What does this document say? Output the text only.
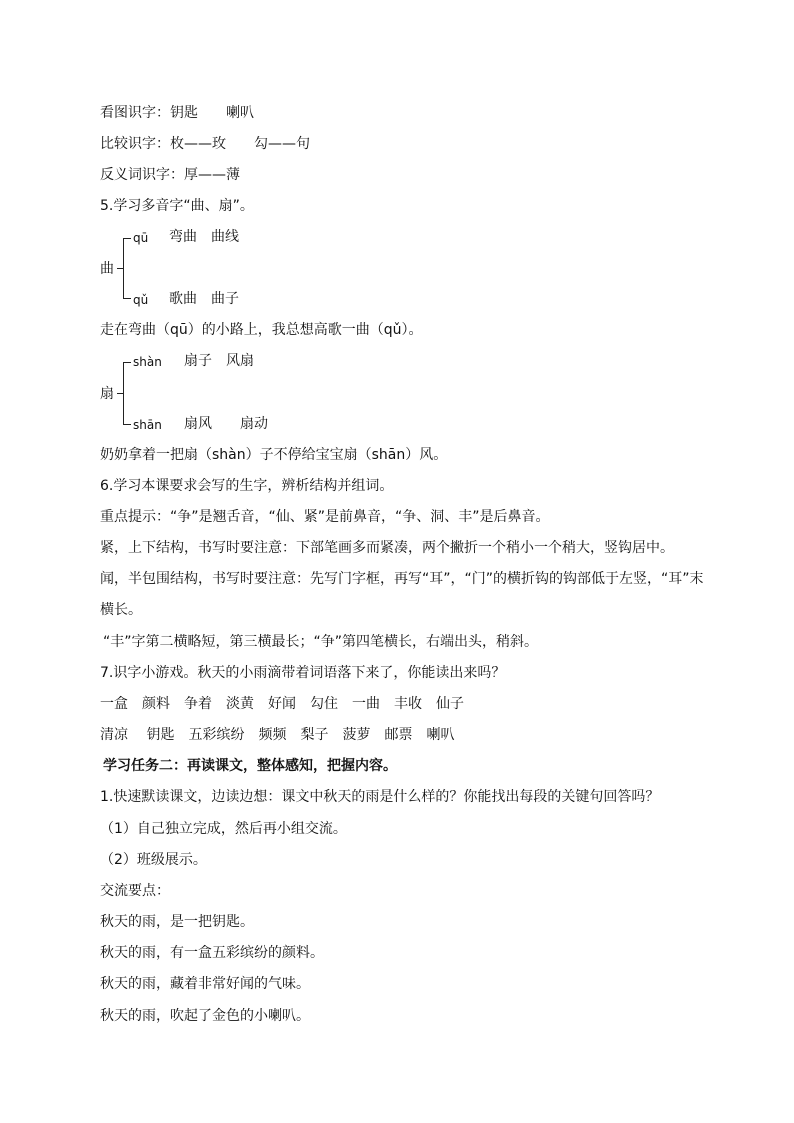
看图识字：钥匙　　喇叭
比较识字：枚——玫　　勾——句
反义词识字：厚——薄
5.学习多音字“曲、扇”。
曲
qū 弯曲　曲线
qǔ 歌曲　曲子
走在弯曲（qū）的小路上，我总想高歌一曲（qǔ）。
扇
shàn 扇子　风扇
shān 扇风　　扇动
奶奶拿着一把扇（shàn）子不停给宝宝扇（shān）风。
6.学习本课要求会写的生字，辨析结构并组词。
重点提示：“争”是翘舌音，“仙、紧”是前鼻音，“争、洞、丰”是后鼻音。
紧，上下结构，书写时要注意：下部笔画多而紧凑，两个撇折一个稍小一个稍大，竖钩居中。
闻，半包围结构，书写时要注意：先写门字框，再写“耳”，“门”的横折钩的钩部低于左竖，“耳”末
横长。
“丰”字第二横略短，第三横最长；“争”第四笔横长，右端出头，稍斜。
7.识字小游戏。秋天的小雨滴带着词语落下来了，你能读出来吗？
一盒　颜料　争着　淡黄　好闻　勾住　一曲　丰收　仙子
清凉　 钥匙　五彩缤纷　频频　梨子　菠萝　邮票　喇叭
学习任务二：再读课文，整体感知，把握内容。
1.快速默读课文，边读边想：课文中秋天的雨是什么样的？你能找出每段的关键句回答吗？
（1）自己独立完成，然后再小组交流。
（2）班级展示。
交流要点：
秋天的雨，是一把钥匙。
秋天的雨，有一盒五彩缤纷的颜料。
秋天的雨，藏着非常好闻的气味。
秋天的雨，吹起了金色的小喇叭。
